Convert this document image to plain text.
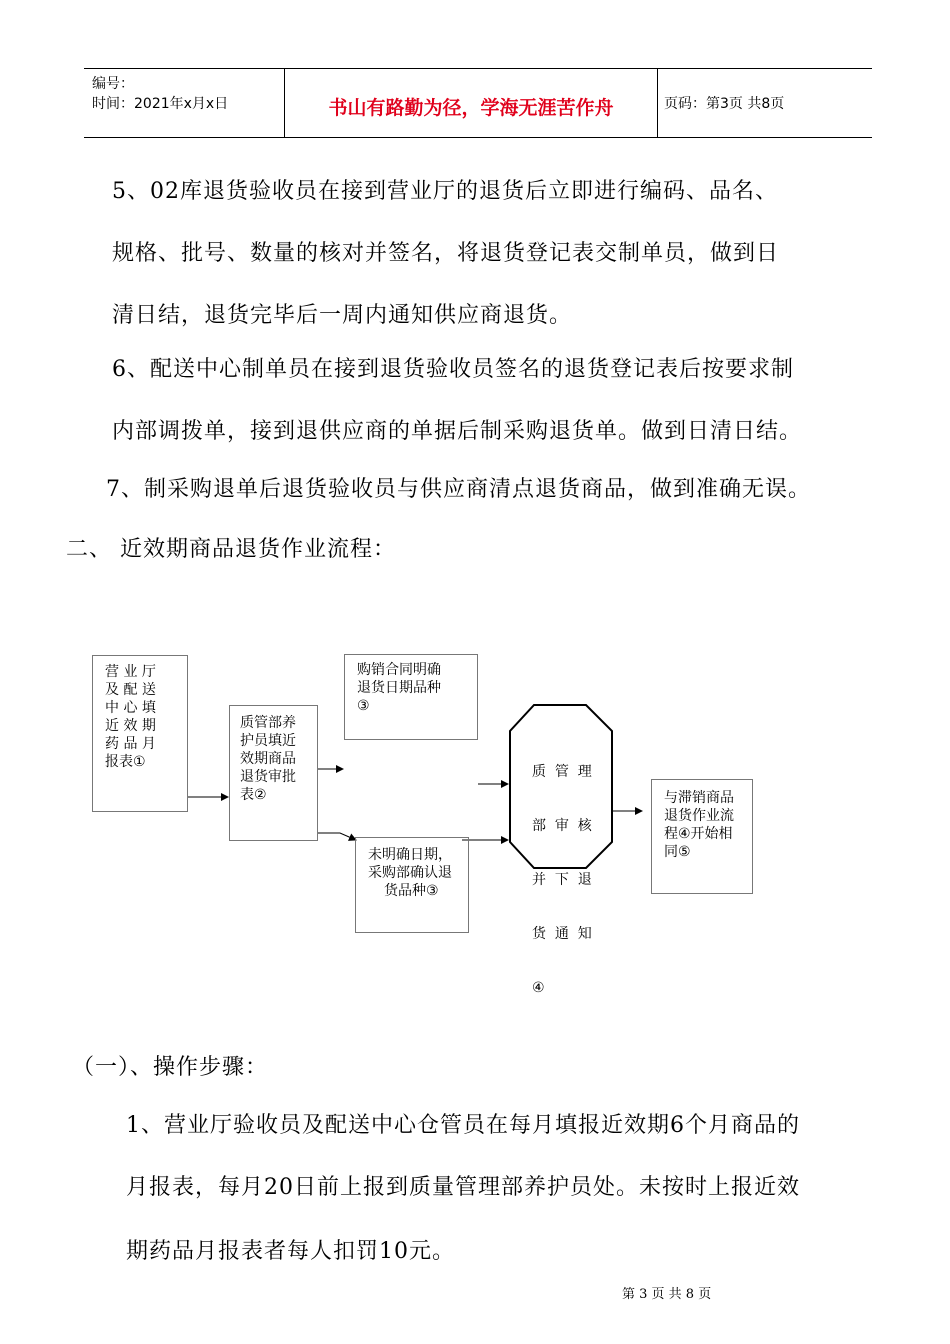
编号：
时间：2021年x月x日	书山有路勤为径，学海无涯苦作舟	页码：第3页 共8页
5、02库退货验收员在接到营业厅的退货后立即进行编码、品名、
规格、批号、数量的核对并签名，将退货登记表交制单员，做到日
清日结，退货完毕后一周内通知供应商退货。
6、配送中心制单员在接到退货验收员签名的退货登记表后按要求制
内部调拨单，接到退供应商的单据后制采购退货单。做到日清日结。
7、制采购退单后退货验收员与供应商清点退货商品，做到准确无误。
二、 近效期商品退货作业流程：
营 业 厅
及 配 送
中 心 填
近 效 期
药 品 月
报表①
质管部养
护员填近
效期商品
退货审批
表②
购销合同明确
退货日期品种
③
未明确日期，
采购部确认退
货品种③

质  管  理

部  审  核

并  下  退

货  通  知

④

与滞销商品
退货作业流
程④开始相
同⑤
（一）、操作步骤：
1、营业厅验收员及配送中心仓管员在每月填报近效期6个月商品的
月报表，每月20日前上报到质量管理部养护员处。未按时上报近效
期药品月报表者每人扣罚10元。
第 3 页 共 8 页
